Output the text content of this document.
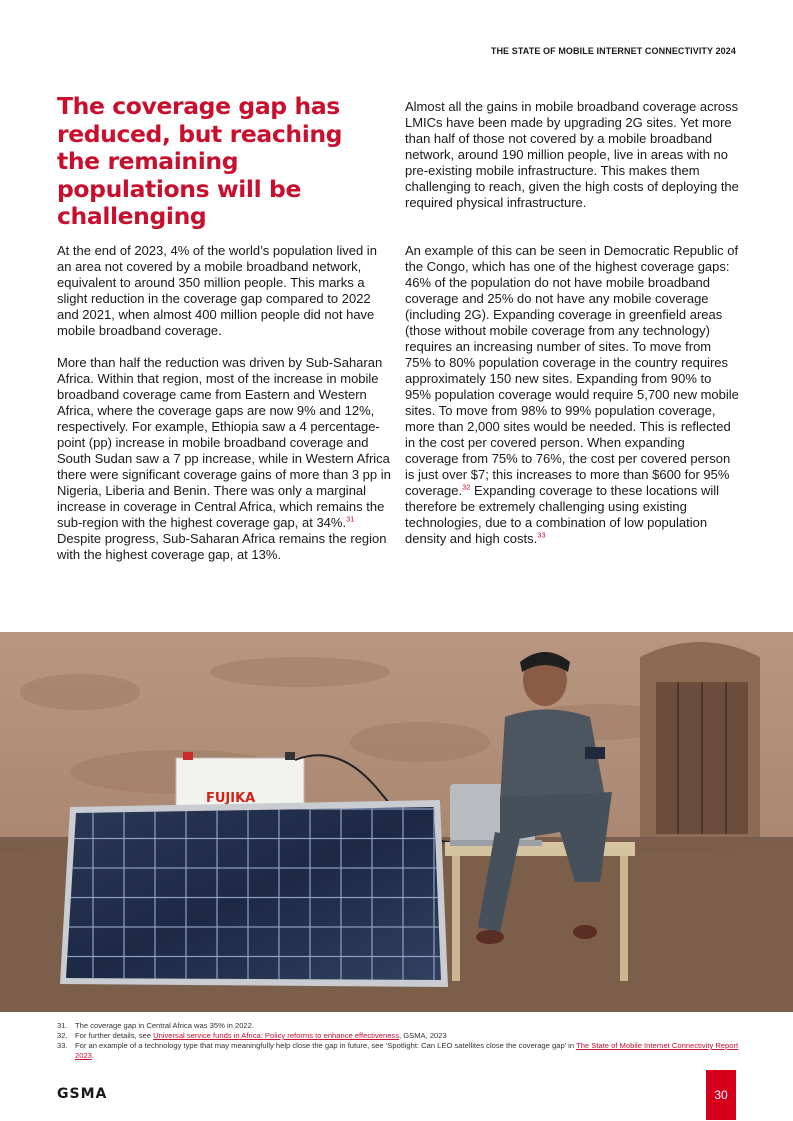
THE STATE OF MOBILE INTERNET CONNECTIVITY 2024
The coverage gap has reduced, but reaching the remaining populations will be challenging

At the end of 2023, 4% of the world’s population lived in an area not covered by a mobile broadband network, equivalent to around 350 million people. This marks a slight reduction in the coverage gap compared to 2022 and 2021, when almost 400 million people did not have mobile broadband coverage.

More than half the reduction was driven by Sub-Saharan Africa. Within that region, most of the increase in mobile broadband coverage came from Eastern and Western Africa, where the coverage gaps are now 9% and 12%, respectively. For example, Ethiopia saw a 4 percentage-point (pp) increase in mobile broadband coverage and South Sudan saw a 7 pp increase, while in Western Africa there were significant coverage gains of more than 3 pp in Nigeria, Liberia and Benin. There was only a marginal increase in coverage in Central Africa, which remains the sub-region with the highest coverage gap, at 34%.$^{31}$ Despite progress, Sub-Saharan Africa remains the region with the highest coverage gap, at 13%.

Almost all the gains in mobile broadband coverage across LMICs have been made by upgrading 2G sites. Yet more than half of those not covered by a mobile broadband network, around 190 million people, live in areas with no pre-existing mobile infrastructure. This makes them challenging to reach, given the high costs of deploying the required physical infrastructure.

An example of this can be seen in Democratic Republic of the Congo, which has one of the highest coverage gaps: 46% of the population do not have mobile broadband coverage and 25% do not have any mobile coverage (including 2G). Expanding coverage in greenfield areas (those without mobile coverage from any technology) requires an increasing number of sites. To move from 75% to 80% population coverage in the country requires approximately 150 new sites. Expanding from 90% to 95% population coverage would require 5,700 new mobile sites. To move from 98% to 99% population coverage, more than 2,000 sites would be needed. This is reflected in the cost per covered person. When expanding coverage from 75% to 76%, the cost per covered person is just over $7; this increases to more than $600 for 95% coverage.$^{32}$ Expanding coverage to these locations will therefore be extremely challenging using existing technologies, due to a combination of low population density and high costs.$^{33}$

FUJIKA
31. The coverage gap in Central Africa was 35% in 2022.
32. For further details, see Universal service funds in Africa: Policy reforms to enhance effectiveness, GSMA, 2023
33. For an example of a technology type that may meaningfully help close the gap in future, see ‘Spotlight: Can LEO satellites close the coverage gap’ in The State of Mobile Internet Connectivity Report 2023.
GSMA	30
